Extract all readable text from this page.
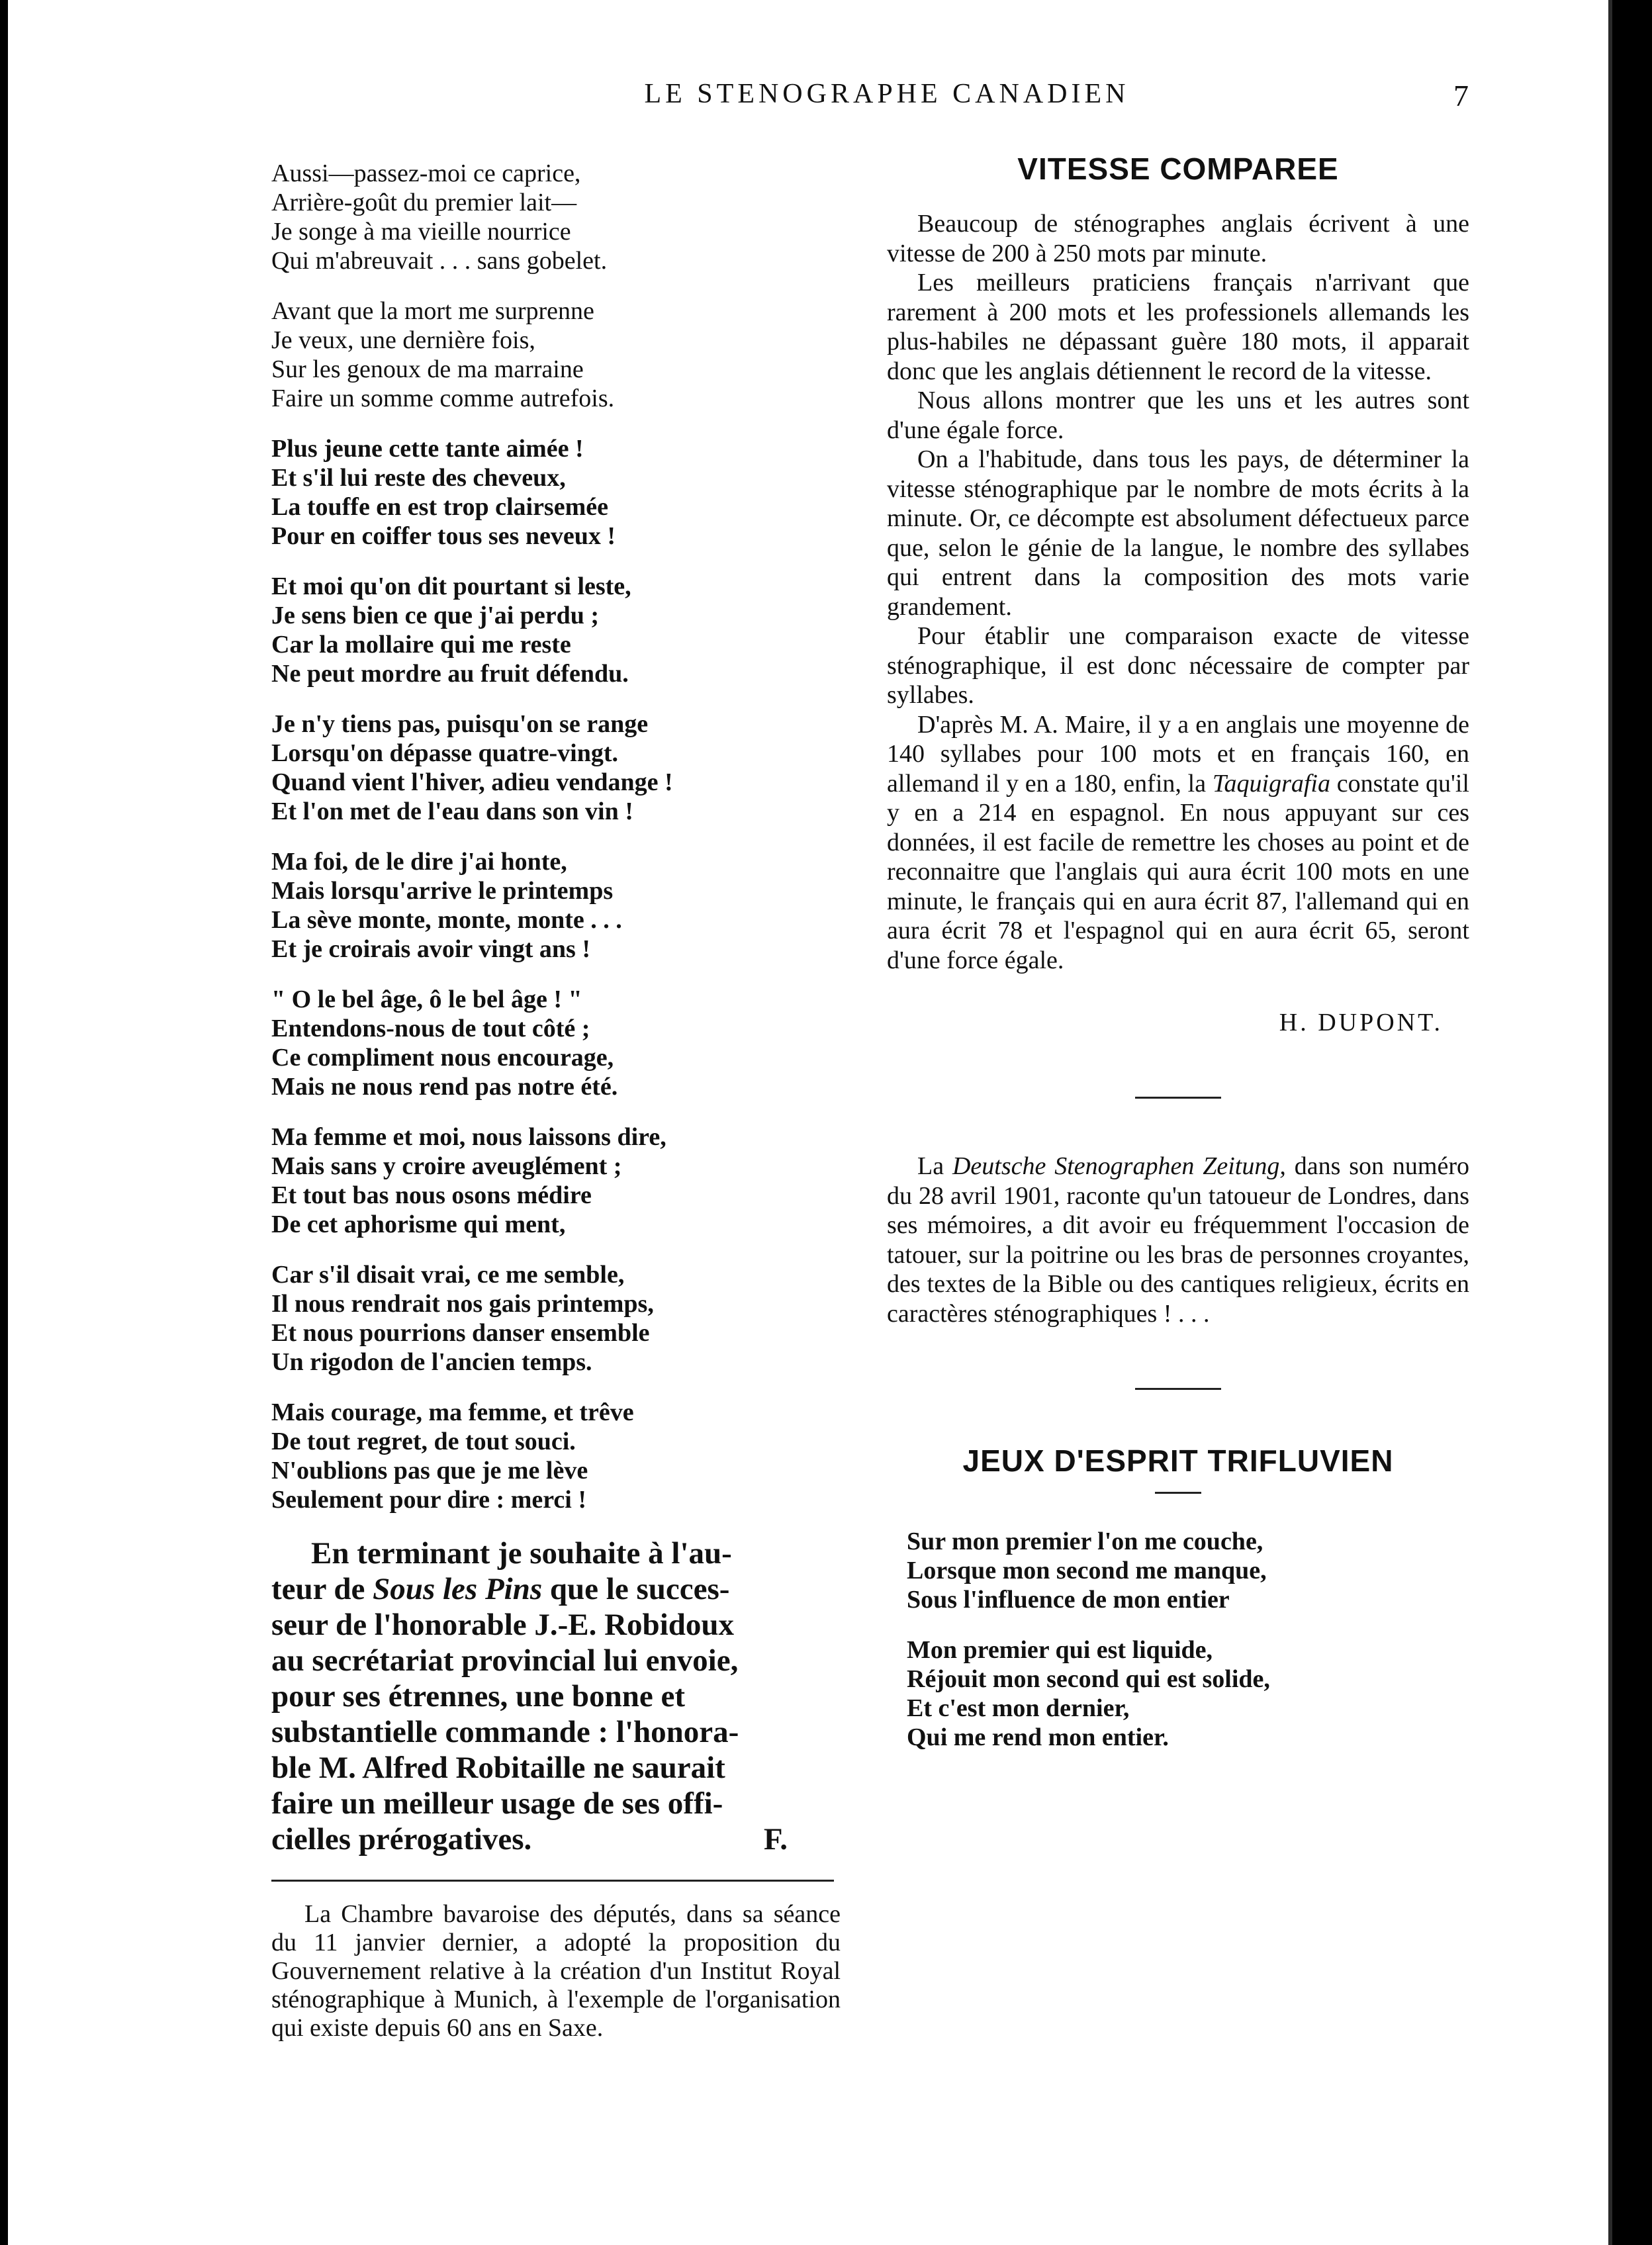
LE STENOGRAPHE CANADIEN	7
Aussi—passez-moi ce caprice,
Arrière-goût du premier lait—
Je songe à ma vieille nourrice
Qui m'abreuvait . . . sans gobelet.
Avant que la mort me surprenne
Je veux, une dernière fois,
Sur les genoux de ma marraine
Faire un somme comme autrefois.
Plus jeune cette tante aimée !
Et s'il lui reste des cheveux,
La touffe en est trop clairsemée
Pour en coiffer tous ses neveux !
Et moi qu'on dit pourtant si leste,
Je sens bien ce que j'ai perdu ;
Car la mollaire qui me reste
Ne peut mordre au fruit défendu.
Je n'y tiens pas, puisqu'on se range
Lorsqu'on dépasse quatre-vingt.
Quand vient l'hiver, adieu vendange !
Et l'on met de l'eau dans son vin !
Ma foi, de le dire j'ai honte,
Mais lorsqu'arrive le printemps
La sève monte, monte, monte . . .
Et je croirais avoir vingt ans !
" O le bel âge, ô le bel âge ! "
Entendons-nous de tout côté ;
Ce compliment nous encourage,
Mais ne nous rend pas notre été.
Ma femme et moi, nous laissons dire,
Mais sans y croire aveuglément ;
Et tout bas nous osons médire
De cet aphorisme qui ment,
Car s'il disait vrai, ce me semble,
Il nous rendrait nos gais printemps,
Et nous pourrions danser ensemble
Un rigodon de l'ancien temps.
Mais courage, ma femme, et trêve
De tout regret, de tout souci.
N'oublions pas que je me lève
Seulement pour dire : merci !
En terminant je souhaite à l'au-
teur de Sous les Pins que le succes-
seur de l'honorable J.-E. Robidoux
au secrétariat provincial lui envoie,
pour ses étrennes, une bonne et
substantielle commande : l'honora-
ble M. Alfred Robitaille ne saurait
faire un meilleur usage de ses offi-
cielles prérogatives.	F.

La Chambre bavaroise des députés, dans sa séance du 11 janvier dernier, a adopté la proposition du Gouvernement relative à la création d'un Institut Royal sténographique à Munich, à l'exemple de l'organisation qui existe depuis 60 ans en Saxe.

VITESSE COMPAREE

Beaucoup de sténographes anglais écrivent à une vitesse de 200 à 250 mots par minute.

Les meilleurs praticiens français n'arrivant que rarement à 200 mots et les professionels allemands les plus-habiles ne dépassant guère 180 mots, il apparait donc que les anglais détiennent le record de la vitesse.

Nous allons montrer que les uns et les autres sont d'une égale force.

On a l'habitude, dans tous les pays, de déterminer la vitesse sténographique par le nombre de mots écrits à la minute. Or, ce décompte est absolument défectueux parce que, selon le génie de la langue, le nombre des syllabes qui entrent dans la composition des mots varie grandement.

Pour établir une comparaison exacte de vitesse sténographique, il est donc nécessaire de compter par syllabes.

D'après M. A. Maire, il y a en anglais une moyenne de 140 syllabes pour 100 mots et en français 160, en allemand il y en a 180, enfin, la Taquigrafia constate qu'il y en a 214 en espagnol. En nous appuyant sur ces données, il est facile de remettre les choses au point et de reconnaitre que l'anglais qui aura écrit 100 mots en une minute, le français qui en aura écrit 87, l'allemand qui en aura écrit 78 et l'espagnol qui en aura écrit 65, seront d'une force égale.

H. DUPONT.

La Deutsche Stenographen Zeitung, dans son numéro du 28 avril 1901, raconte qu'un tatoueur de Londres, dans ses mémoires, a dit avoir eu fréquemment l'occasion de tatouer, sur la poitrine ou les bras de personnes croyantes, des textes de la Bible ou des cantiques religieux, écrits en caractères sténographiques ! . . .

JEUX D'ESPRIT TRIFLUVIEN
Sur mon premier l'on me couche,
Lorsque mon second me manque,
Sous l'influence de mon entier
Mon premier qui est liquide,
Réjouit mon second qui est solide,
Et c'est mon dernier,
Qui me rend mon entier.
